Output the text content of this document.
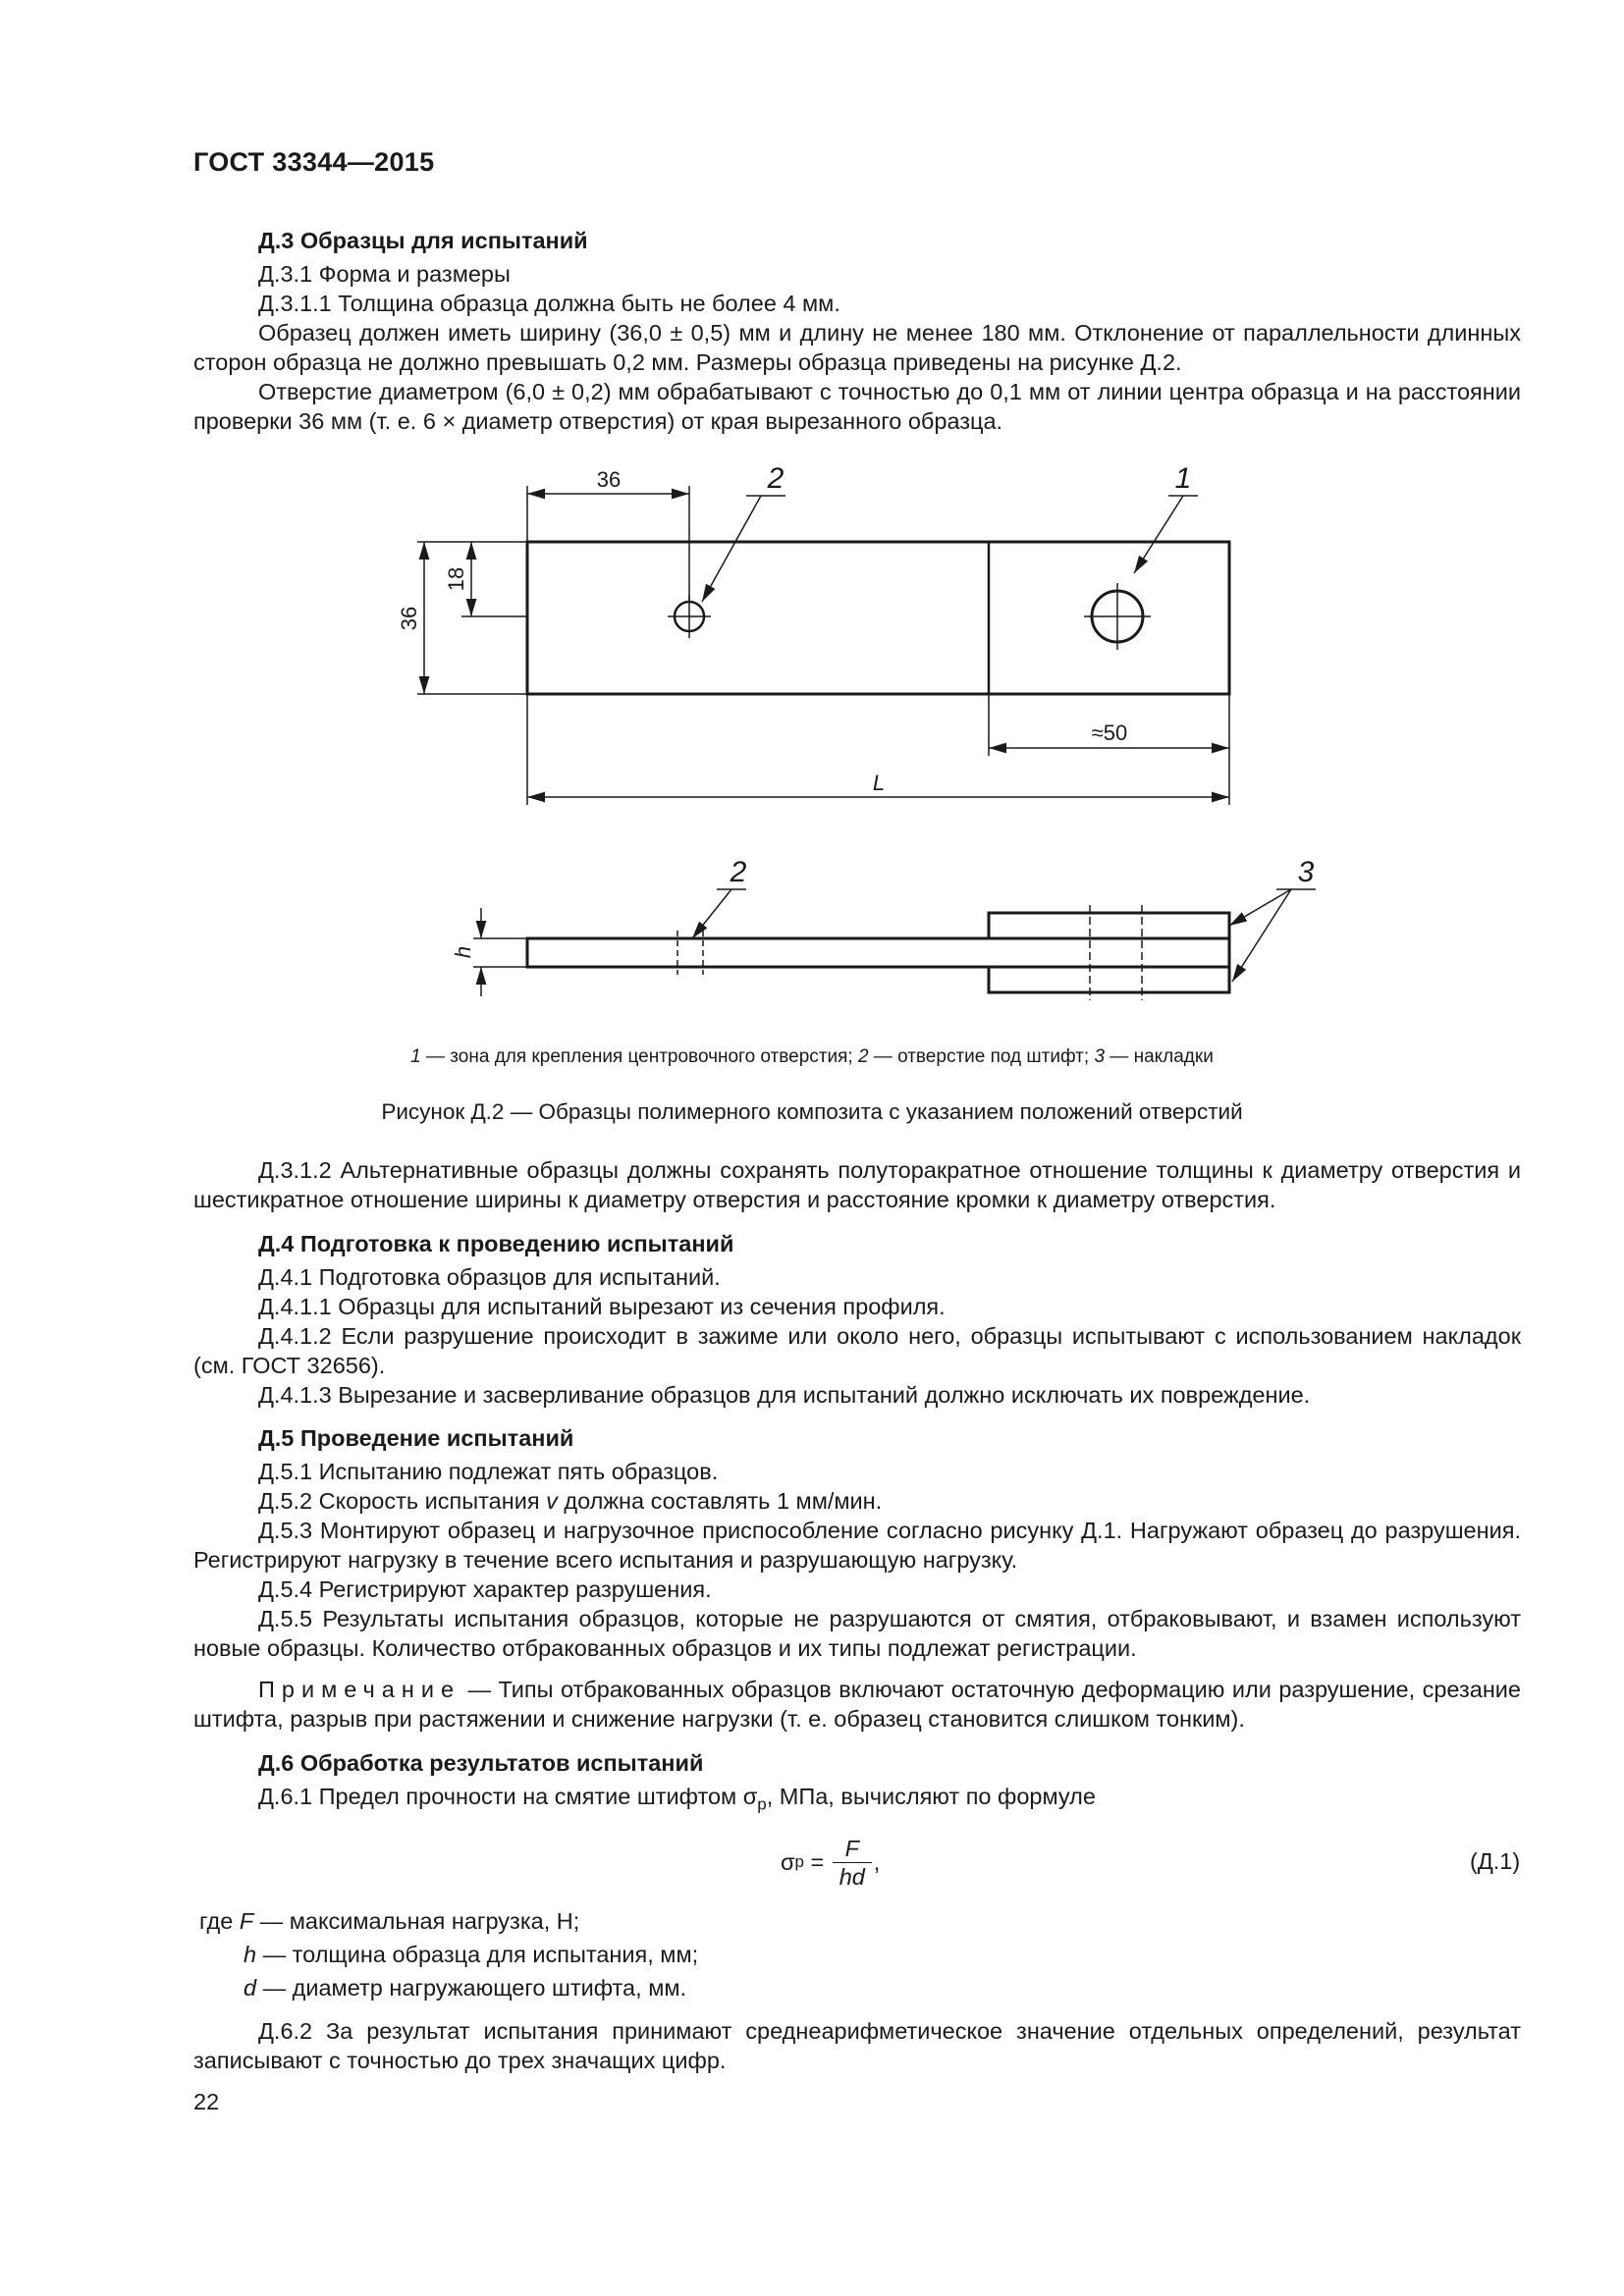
ГОСТ 33344—2015
Д.3 Образцы для испытаний
Д.3.1 Форма и размеры
Д.3.1.1 Толщина образца должна быть не более 4 мм.
Образец должен иметь ширину (36,0 ± 0,5) мм и длину не менее 180 мм. Отклонение от параллельности длинных сторон образца не должно превышать 0,2 мм. Размеры образца приведены на рисунке Д.2.
Отверстие диаметром (6,0 ± 0,2) мм обрабатывают с точностью до 0,1 мм от линии центра образца и на расстоянии проверки 36 мм (т. е. 6 × диаметр отверстия) от края вырезанного образца.
36
36
18
≈50
L
h
2	1
2	3
1 — зона для крепления центровочного отверстия; 2 — отверстие под штифт; 3 — накладки
Рисунок Д.2 — Образцы полимерного композита с указанием положений отверстий
Д.3.1.2 Альтернативные образцы должны сохранять полуторакратное отношение толщины к диаметру отверстия и шестикратное отношение ширины к диаметру отверстия и расстояние кромки к диаметру отверстия.
Д.4 Подготовка к проведению испытаний
Д.4.1 Подготовка образцов для испытаний.
Д.4.1.1 Образцы для испытаний вырезают из сечения профиля.
Д.4.1.2 Если разрушение происходит в зажиме или около него, образцы испытывают с использованием накладок (см. ГОСТ 32656).
Д.4.1.3 Вырезание и засверливание образцов для испытаний должно исключать их повреждение.
Д.5 Проведение испытаний
Д.5.1 Испытанию подлежат пять образцов.
Д.5.2 Скорость испытания v должна составлять 1 мм/мин.
Д.5.3 Монтируют образец и нагрузочное приспособление согласно рисунку Д.1. Нагружают образец до разрушения. Регистрируют нагрузку в течение всего испытания и разрушающую нагрузку.
Д.5.4 Регистрируют характер разрушения.
Д.5.5 Результаты испытания образцов, которые не разрушаются от смятия, отбраковывают, и взамен используют новые образцы. Количество отбракованных образцов и их типы подлежат регистрации.
Примечание — Типы отбракованных образцов включают остаточную деформацию или разрушение, срезание штифта, разрыв при растяжении и снижение нагрузки (т. е. образец становится слишком тонким).
Д.6 Обработка результатов испытаний
Д.6.1 Предел прочности на смятие штифтом $\sigma_p$, МПа, вычисляют по формуле
σ p =
F
hd
,	(Д.1)
где F — максимальная нагрузка, Н;
h — толщина образца для испытания, мм;
d — диаметр нагружающего штифта, мм.
Д.6.2 За результат испытания принимают среднеарифметическое значение отдельных определений, результат записывают с точностью до трех значащих цифр.
22
